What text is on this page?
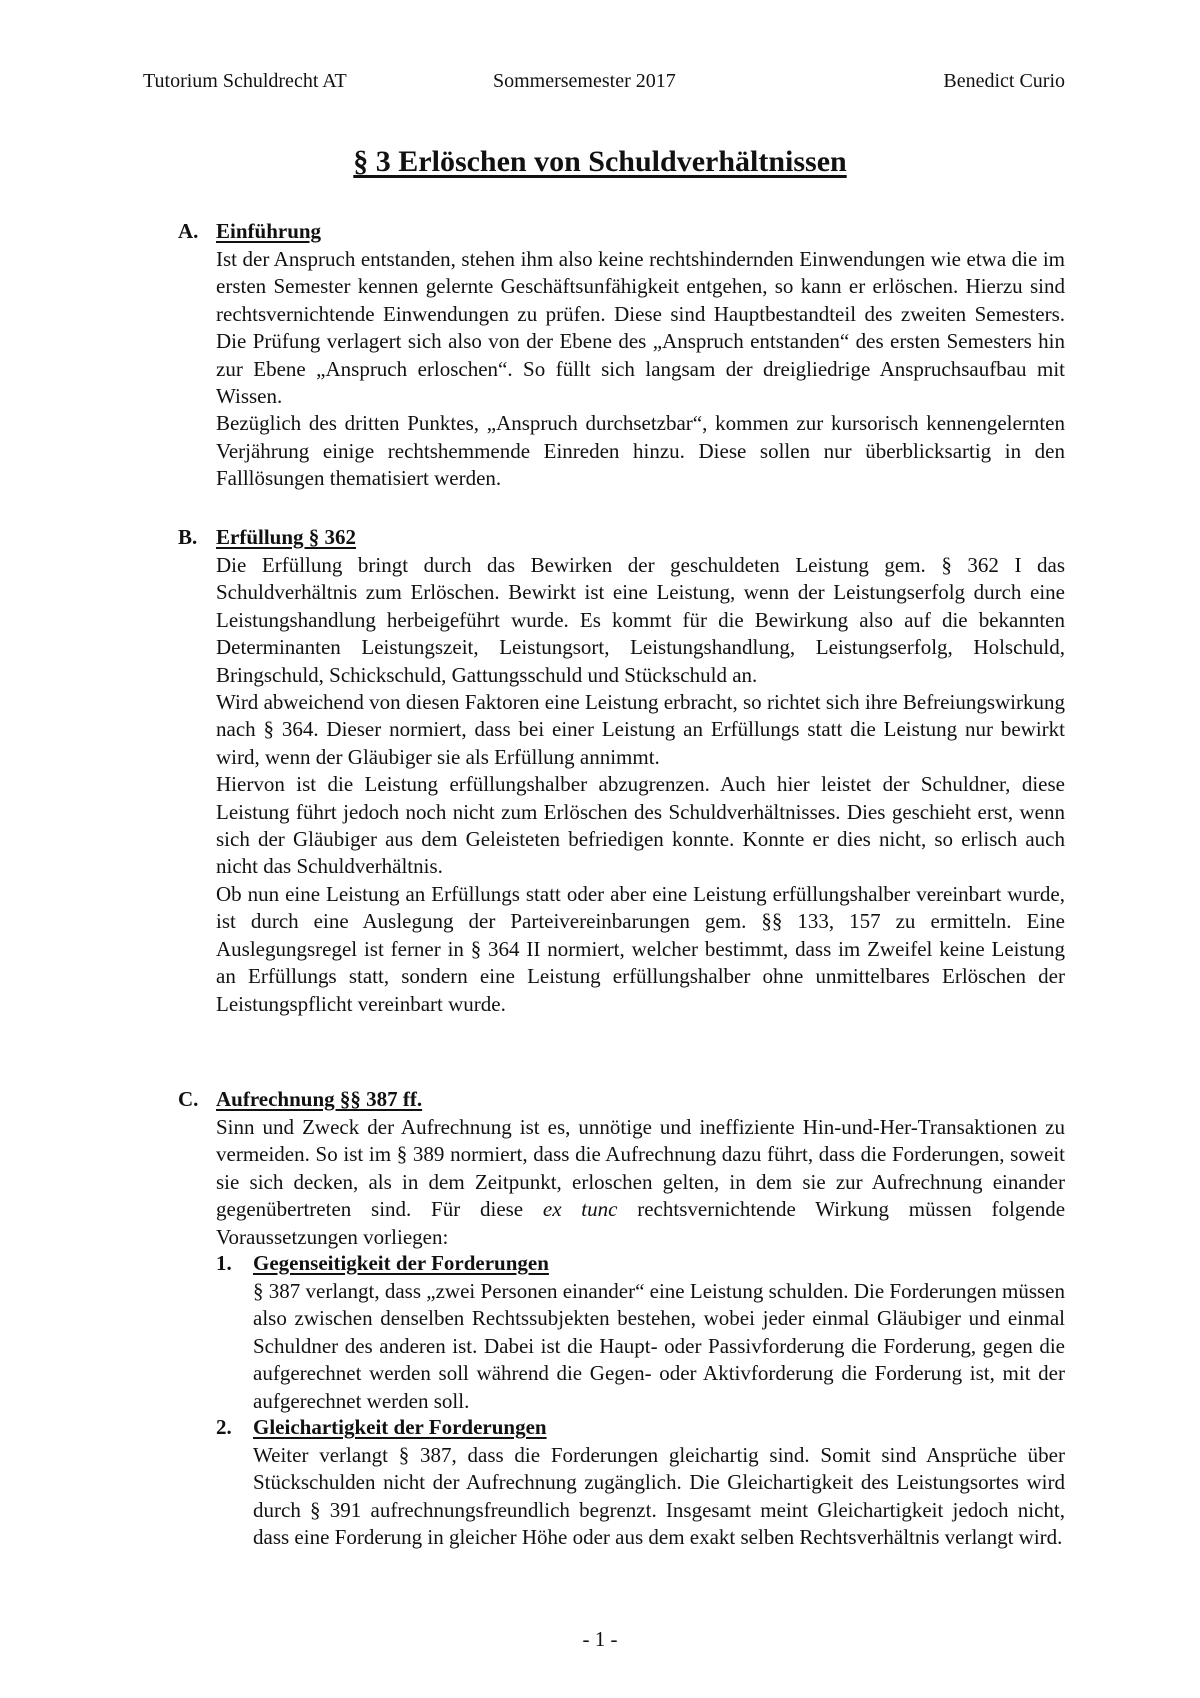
Tutorium Schuldrecht AT	Sommersemester 2017	Benedict Curio
§ 3 Erlöschen von Schuldverhältnissen
A. Einführung

Ist der Anspruch entstanden, stehen ihm also keine rechtshindernden Einwendungen wie etwa die im ersten Semester kennen gelernte Geschäftsunfähigkeit entgehen, so kann er erlöschen. Hierzu sind rechtsvernichtende Einwendungen zu prüfen. Diese sind Hauptbestandteil des zweiten Semesters. Die Prüfung verlagert sich also von der Ebene des „Anspruch entstanden“ des ersten Semesters hin zur Ebene „Anspruch erloschen“. So füllt sich langsam der dreigliedrige Anspruchsaufbau mit Wissen.

Bezüglich des dritten Punktes, „Anspruch durchsetzbar“, kommen zur kursorisch kennengelernten Verjährung einige rechtshemmende Einreden hinzu. Diese sollen nur überblicksartig in den Falllösungen thematisiert werden.

B. Erfüllung § 362

Die Erfüllung bringt durch das Bewirken der geschuldeten Leistung gem. § 362 I das Schuldverhältnis zum Erlöschen. Bewirkt ist eine Leistung, wenn der Leistungserfolg durch eine Leistungshandlung herbeigeführt wurde. Es kommt für die Bewirkung also auf die bekannten Determinanten Leistungszeit, Leistungsort, Leistungshandlung, Leistungserfolg, Holschuld, Bringschuld, Schickschuld, Gattungsschuld und Stückschuld an.

Wird abweichend von diesen Faktoren eine Leistung erbracht, so richtet sich ihre Befreiungswirkung nach § 364. Dieser normiert, dass bei einer Leistung an Erfüllungs statt die Leistung nur bewirkt wird, wenn der Gläubiger sie als Erfüllung annimmt.

Hiervon ist die Leistung erfüllungshalber abzugrenzen. Auch hier leistet der Schuldner, diese Leistung führt jedoch noch nicht zum Erlöschen des Schuldverhältnisses. Dies geschieht erst, wenn sich der Gläubiger aus dem Geleisteten befriedigen konnte. Konnte er dies nicht, so erlisch auch nicht das Schuldverhältnis.

Ob nun eine Leistung an Erfüllungs statt oder aber eine Leistung erfüllungshalber vereinbart wurde, ist durch eine Auslegung der Parteivereinbarungen gem. §§ 133, 157 zu ermitteln. Eine Auslegungsregel ist ferner in § 364 II normiert, welcher bestimmt, dass im Zweifel keine Leistung an Erfüllungs statt, sondern eine Leistung erfüllungshalber ohne unmittelbares Erlöschen der Leistungspflicht vereinbart wurde.

C. Aufrechnung §§ 387 ff.

Sinn und Zweck der Aufrechnung ist es, unnötige und ineffiziente Hin-und-Her-Transaktionen zu vermeiden. So ist im § 389 normiert, dass die Aufrechnung dazu führt, dass die Forderungen, soweit sie sich decken, als in dem Zeitpunkt, erloschen gelten, in dem sie zur Aufrechnung einander gegenübertreten sind. Für diese ex tunc rechtsvernichtende Wirkung müssen folgende Voraussetzungen vorliegen:

1. Gegenseitigkeit der Forderungen
§ 387 verlangt, dass „zwei Personen einander“ eine Leistung schulden. Die Forderungen müssen also zwischen denselben Rechtssubjekten bestehen, wobei jeder einmal Gläubiger und einmal Schuldner des anderen ist. Dabei ist die Haupt- oder Passivforderung die Forderung, gegen die aufgerechnet werden soll während die Gegen- oder Aktivforderung die Forderung ist, mit der aufgerechnet werden soll.
2. Gleichartigkeit der Forderungen
Weiter verlangt § 387, dass die Forderungen gleichartig sind. Somit sind Ansprüche über Stückschulden nicht der Aufrechnung zugänglich. Die Gleichartigkeit des Leistungsortes wird durch § 391 aufrechnungsfreundlich begrenzt. Insgesamt meint Gleichartigkeit jedoch nicht, dass eine Forderung in gleicher Höhe oder aus dem exakt selben Rechtsverhältnis verlangt wird.
- 1 -
